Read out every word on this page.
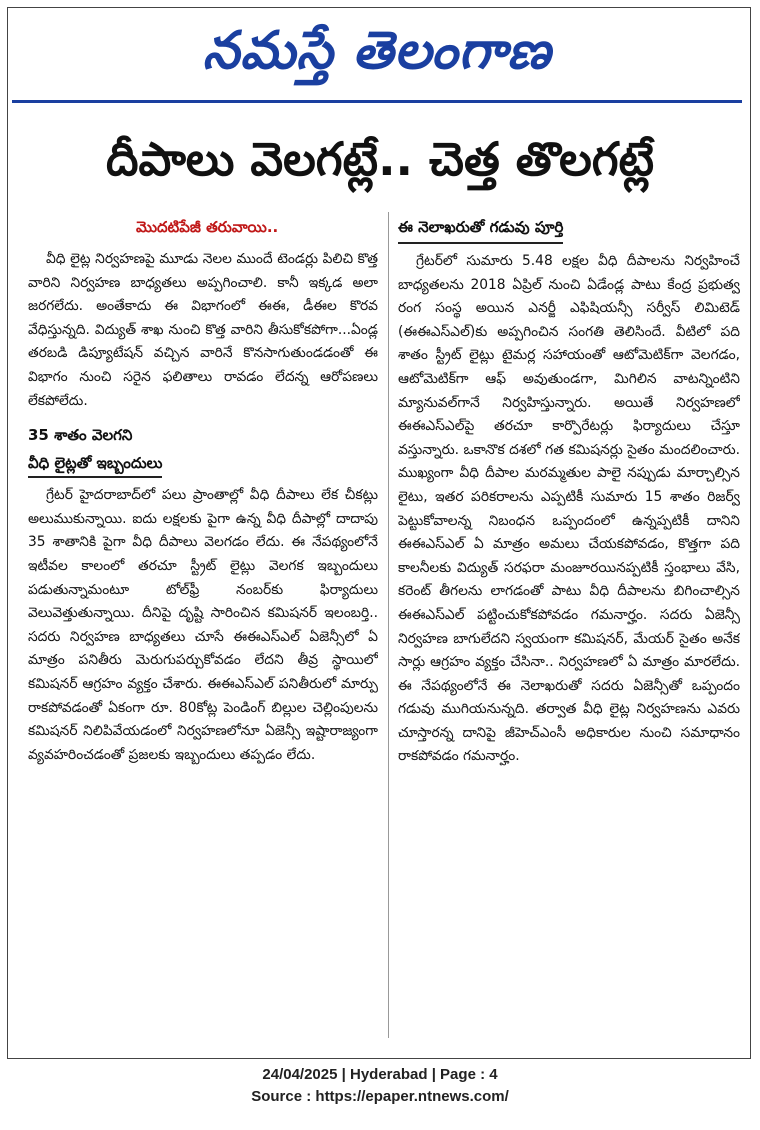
నమస్తే తెలంగాణ
దీపాలు వెలగట్లే.. చెత్త తొలగట్లే
మొదటిపేజీ తరువాయి..

వీధి లైట్ల నిర్వహణపై మూడు నెలల ముందే టెండర్లు పిలిచి కొత్త వారిని నిర్వహణ బాధ్యతలు అప్పగించాలి. కానీ ఇక్కడ అలా జరగలేదు. అంతేకాదు ఈ విభాగంలో ఈఈ, డీఈల కొరవ వేధిస్తున్నది. విద్యుత్‌ శాఖ నుంచి కొత్త వారిని తీసుకోకపోగా...ఏండ్ల తరబడి డిప్యూటేషన్‌ వచ్చిన వారినే కొనసాగుతుండడంతో ఈ విభాగం నుంచి సరైన ఫలితాలు రావడం లేదన్న ఆరోపణలు లేకపోలేదు.

35 శాతం వెలగని
వీధి లైట్లతో ఇబ్బందులు

గ్రేటర్‌ హైదరాబాద్‌లో పలు ప్రాంతాల్లో వీధి దీపాలు లేక చీకట్లు అలుముకున్నాయి. ఐదు లక్షలకు పైగా ఉన్న వీధి దీపాల్లో దాదాపు 35 శాతానికి పైగా వీధి దీపాలు వెలగడం లేదు. ఈ నేపథ్యంలోనే ఇటీవల కాలంలో తరచూ స్ట్రీట్‌ లైట్లు వెలగక ఇబ్బందులు పడుతున్నామంటూ టోల్‌ఫ్రీ నంబర్‌కు ఫిర్యాదులు వెలువెత్తుతున్నాయి. దీనిపై దృష్టి సారించిన కమిషనర్‌ ఇలంబర్తి.. సదరు నిర్వహణ బాధ్యతలు చూసే ఈఈఎస్‌ఎల్‌ ఏజెన్సీలో ఏ మాత్రం పనితీరు మెరుగుపర్చుకోవడం లేదని తీవ్ర స్థాయిలో కమిషనర్‌ ఆగ్రహం వ్యక్తం చేశారు. ఈఈఎస్‌ఎల్‌ పనితీరులో మార్పు రాకపోవడంతో ఏకంగా రూ. 80కోట్ల పెండింగ్‌ బిల్లుల చెల్లింపులను కమిషనర్‌ నిలిపివేయడంలో నిర్వహణలోనూ ఏజెన్సీ ఇష్టారాజ్యంగా వ్యవహరించడంతో ప్రజలకు ఇబ్బందులు తప్పడం లేదు.

ఈ నెలాఖరుతో గడువు పూర్తి

గ్రేటర్‌లో సుమారు 5.48 లక్షల వీధి దీపాలను నిర్వహించే బాధ్యతలను 2018 ఏప్రిల్‌ నుంచి ఏడేండ్ల పాటు కేంద్ర ప్రభుత్వ రంగ సంస్థ అయిన ఎనర్జీ ఎఫిషియన్సీ సర్వీస్‌ లిమిటెడ్‌ (ఈఈఎస్‌ఎల్‌)కు అప్పగించిన సంగతి తెలిసిందే. వీటిలో పది శాతం స్ట్రీట్‌ లైట్లు టైమర్ల సహాయంతో ఆటోమెటిక్‌గా వెలగడం, ఆటోమెటిక్‌గా ఆఫ్‌ అవుతుండగా, మిగిలిన వాటన్నింటిని మ్యానువల్‌గానే నిర్వహిస్తున్నారు. అయితే నిర్వహణలో ఈఈఎస్‌ఎల్‌పై తరచూ కార్పొరేటర్లు ఫిర్యాదులు చేస్తూ వస్తున్నారు. ఒకానొక దశలో గత కమిషనర్లు సైతం మందలించారు. ముఖ్యంగా వీధి దీపాల మరమ్మతుల పాలై నప్పుడు మార్చాల్సిన లైటు, ఇతర పరికరాలను ఎప్పటికీ సుమారు 15 శాతం రిజర్వ్‌ పెట్టుకోవాలన్న నిబంధన ఒప్పందంలో ఉన్నప్పటికీ దానిని ఈఈఎస్‌ఎల్‌ ఏ మాత్రం అమలు చేయకపోవడం, కొత్తగా పది కాలనీలకు విద్యుత్‌ సరఫరా మంజూరయినప్పటికీ స్తంభాలు వేసి, కరెంట్‌ తీగలను లాగడంతో పాటు వీధి దీపాలను బిగించాల్సిన ఈఈఎస్‌ఎల్‌ పట్టించుకోకపోవడం గమనార్హం. సదరు ఏజెన్సీ నిర్వహణ బాగులేదని స్వయంగా కమిషనర్‌, మేయర్‌ సైతం అనేక సార్లు ఆగ్రహం వ్యక్తం చేసినా.. నిర్వహణలో ఏ మాత్రం మారలేదు. ఈ నేపథ్యంలోనే ఈ నెలాఖరుతో సదరు ఏజెన్సీతో ఒప్పందం గడువు ముగియనున్నది. తర్వాత వీధి లైట్ల నిర్వహణను ఎవరు చూస్తారన్న దానిపై జీహెచ్‌ఎంసీ అధికారుల నుంచి సమాధానం రాకపోవడం గమనార్హం.

24/04/2025 | Hyderabad | Page : 4
Source : https://epaper.ntnews.com/
